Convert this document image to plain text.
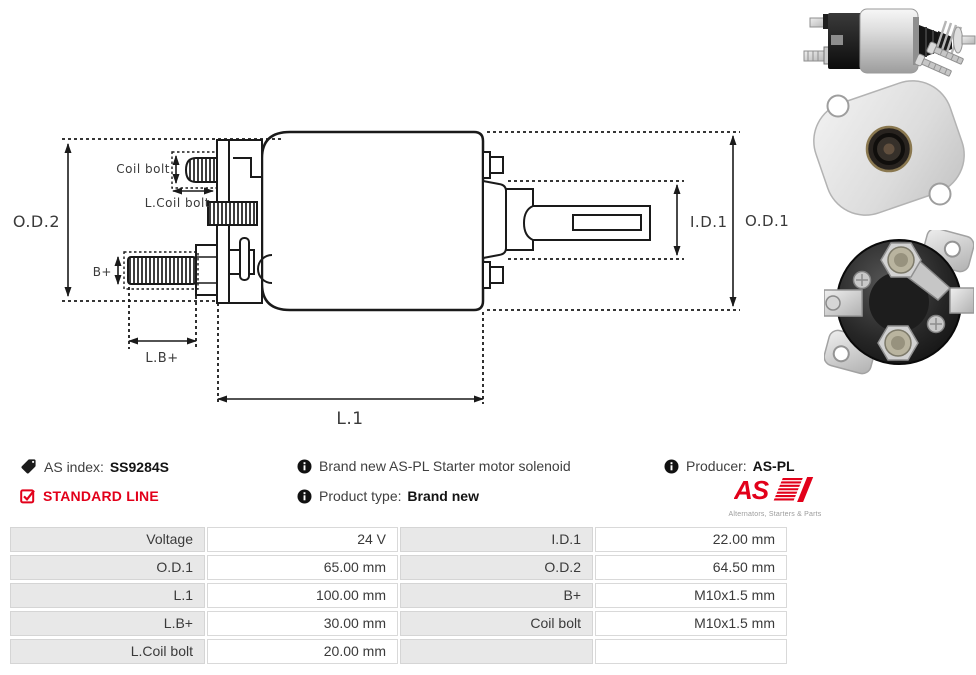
O.D.2
Coil bolt
L.Coil bolt
B+
L.B+
L.1
I.D.1 O.D.1
AS index: SS9284S	Brand new AS-PL Starter motor solenoid	Producer: AS-PL
STANDARD LINE	Product type: Brand new	AS
Alternators, Starters & Parts
Voltage	24 V	I.D.1	22.00 mm
O.D.1	65.00 mm	O.D.2	64.50 mm
L.1	100.00 mm	B+	M10x1.5 mm
L.B+	30.00 mm	Coil bolt	M10x1.5 mm
L.Coil bolt	20.00 mm
